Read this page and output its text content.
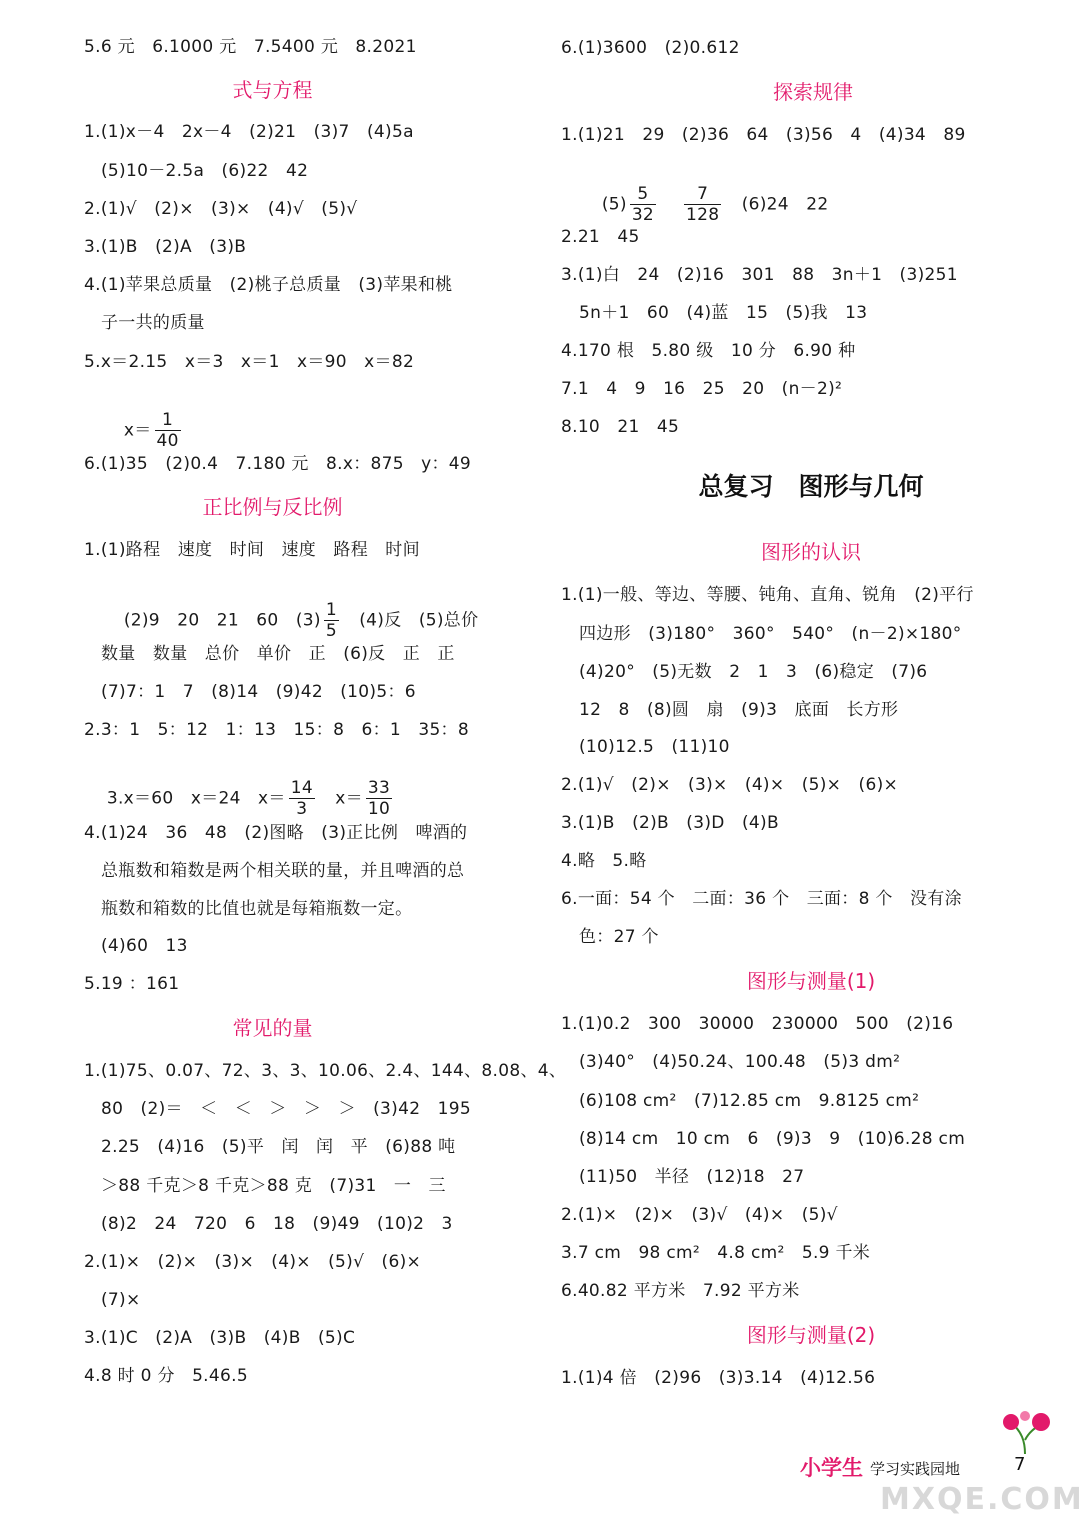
5.6 元　6.1000 元　7.5400 元　8.2021
式与方程
1.(1)x－4　2x－4　(2)21　(3)7　(4)5a
(5)10－2.5a　(6)22　42
2.(1)√　(2)×　(3)×　(4)√　(5)√
3.(1)B　(2)A　(3)B
4.(1)苹果总质量　(2)桃子总质量　(3)苹果和桃
子一共的质量
5.x＝2.15　x＝3　x＝1　x＝90　x＝82

$x= \frac{1}{40}$

6.(1)35　(2)0.4　7.180 元　8.x：875　y：49
正比例与反比例
1.(1)路程　速度　时间　速度　路程　时间

(2)9　20　21　60　$(3) \frac{1}{5}$ 　(4)反　(5)总价

数量　数量　总价　单价　正　(6)反　正　正
(7)7：1　7　(8)14　(9)42　(10)5：6
2.3：1　5：12　1：13　15：8　6：1　35：8

3.x＝60　x＝24　$x= \frac{14}{3}$ 　$x= \frac{33}{10}$

4.(1)24　36　48　(2)图略　(3)正比例　啤酒的
总瓶数和箱数是两个相关联的量，并且啤酒的总
瓶数和箱数的比值也就是每箱瓶数一定。
(4)60　13
5.19 ：161
常见的量
1.(1)75、0.07、72、3、3、10.06、2.4、144、8.08、4、
80　(2)＝　＜　＜　＞　＞　＞　(3)42　195
2.25　(4)16　(5)平　闰　闰　平　(6)88 吨
＞88 千克＞8 千克＞88 克　(7)31　一　三
(8)2　24　720　6　18　(9)49　(10)2　3
2.(1)×　(2)×　(3)×　(4)×　(5)√　(6)×
(7)×
3.(1)C　(2)A　(3)B　(4)B　(5)C
4.8 时 0 分　5.46.5
6.(1)3600　(2)0.612
探索规律
1.(1)21　29　(2)36　64　(3)56　4　(4)34　89

$(5) \frac{5}{32} \frac{7}{128}$ 　(6)24　22

2.21　45
3.(1)白　24　(2)16　301　88　3n＋1　(3)251
5n＋1　60　(4)蓝　15　(5)我　13
4.170 根　5.80 级　10 分　6.90 种
7.1　4　9　16　25　20　(n－2)²
8.10　21　45
总复习　图形与几何
图形的认识
1.(1)一般、等边、等腰、钝角、直角、锐角　(2)平行
四边形　(3)180°　360°　540°　(n－2)×180°
(4)20°　(5)无数　2　1　3　(6)稳定　(7)6
12　8　(8)圆　扇　(9)3　底面　长方形
(10)12.5　(11)10
2.(1)√　(2)×　(3)×　(4)×　(5)×　(6)×
3.(1)B　(2)B　(3)D　(4)B
4.略　5.略
6.一面：54 个　二面：36 个　三面：8 个　没有涂
色：27 个
图形与测量(1)
1.(1)0.2　300　30000　230000　500　(2)16
(3)40°　(4)50.24、100.48　(5)3 dm²
(6)108 cm²　(7)12.85 cm　9.8125 cm²
(8)14 cm　10 cm　6　(9)3　9　(10)6.28 cm
(11)50　半径　(12)18　27
2.(1)×　(2)×　(3)√　(4)×　(5)√
3.7 cm　98 cm²　4.8 cm²　5.9 千米
6.40.82 平方米　7.92 平方米
图形与测量(2)
1.(1)4 倍　(2)96　(3)3.14　(4)12.56
小学生 学习实践园地	7
MXQE.COM
